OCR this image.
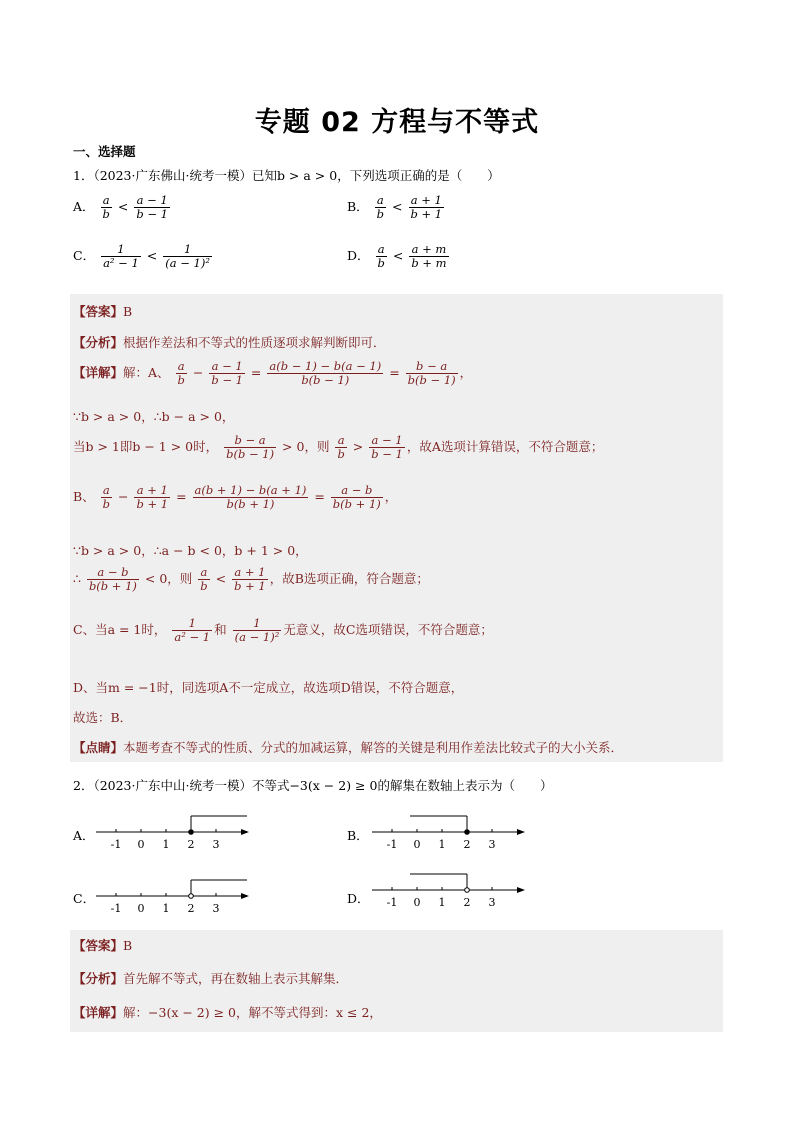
专题 02 方程与不等式
一、选择题
1．（2023·广东佛山·统考一模）已知b > a > 0，下列选项正确的是（　　）
A． $\frac{a}{b} < \frac{a - 1}{b - 1}$	B． $\frac{a}{b} < \frac{a + 1}{b + 1}$
C． $\frac{1}{\text{a² − 1}} < \frac{1}{\text{(a − 1)²}}$	D． $\frac{a}{b} < \frac{a + m}{b + m}$
【答案】B
【分析】根据作差法和不等式的性质逐项求解判断即可．
【详解】解：A、 $\frac{a}{b} - \frac{a - 1}{b - 1} = \frac{a(b - 1) - b(a - 1)}{b(b - 1)} = \frac{b - a}{b(b - 1)}$ ，
∵b > a > 0，∴b − a > 0，
当b > 1即b − 1 > 0时， $\frac{b - a}{b(b - 1)} > 0$，则 $\frac{a}{b} > \frac{a - 1}{b - 1}$ ，故A选项计算错误，不符合题意；
B、 $\frac{a}{b} - \frac{a + 1}{b + 1} = \frac{a(b + 1) - b(a + 1)}{b(b + 1)} = \frac{a - b}{b(b + 1)}$ ，
∵b > a > 0，∴a − b < 0，b + 1 > 0，
∴ $\frac{a - b}{b(b + 1)} < 0$，则 $\frac{a}{b} < \frac{a + 1}{b + 1}$ ，故B选项正确，符合题意；
C、当a = 1时， $\frac{1}{\text{a² − 1}}$ 和 $\frac{1}{\text{(a − 1)²}}$ 无意义，故C选项错误，不符合题意；
D、当m = −1时，同选项A不一定成立，故选项D错误，不符合题意，
故选：B．
【点睛】本题考查不等式的性质、分式的加减运算，解答的关键是利用作差法比较式子的大小关系．
2．（2023·广东中山·统考一模）不等式−3(x − 2) ≥ 0的解集在数轴上表示为（　　）
A．
-1 0 1 2 3
B．
-1 0 1 2 3
C．
-1 0 1 2 3
D． -1 0 1 2 3
【答案】B
【分析】首先解不等式，再在数轴上表示其解集．
【详解】解：−3(x − 2) ≥ 0，解不等式得到：x ≤ 2，
